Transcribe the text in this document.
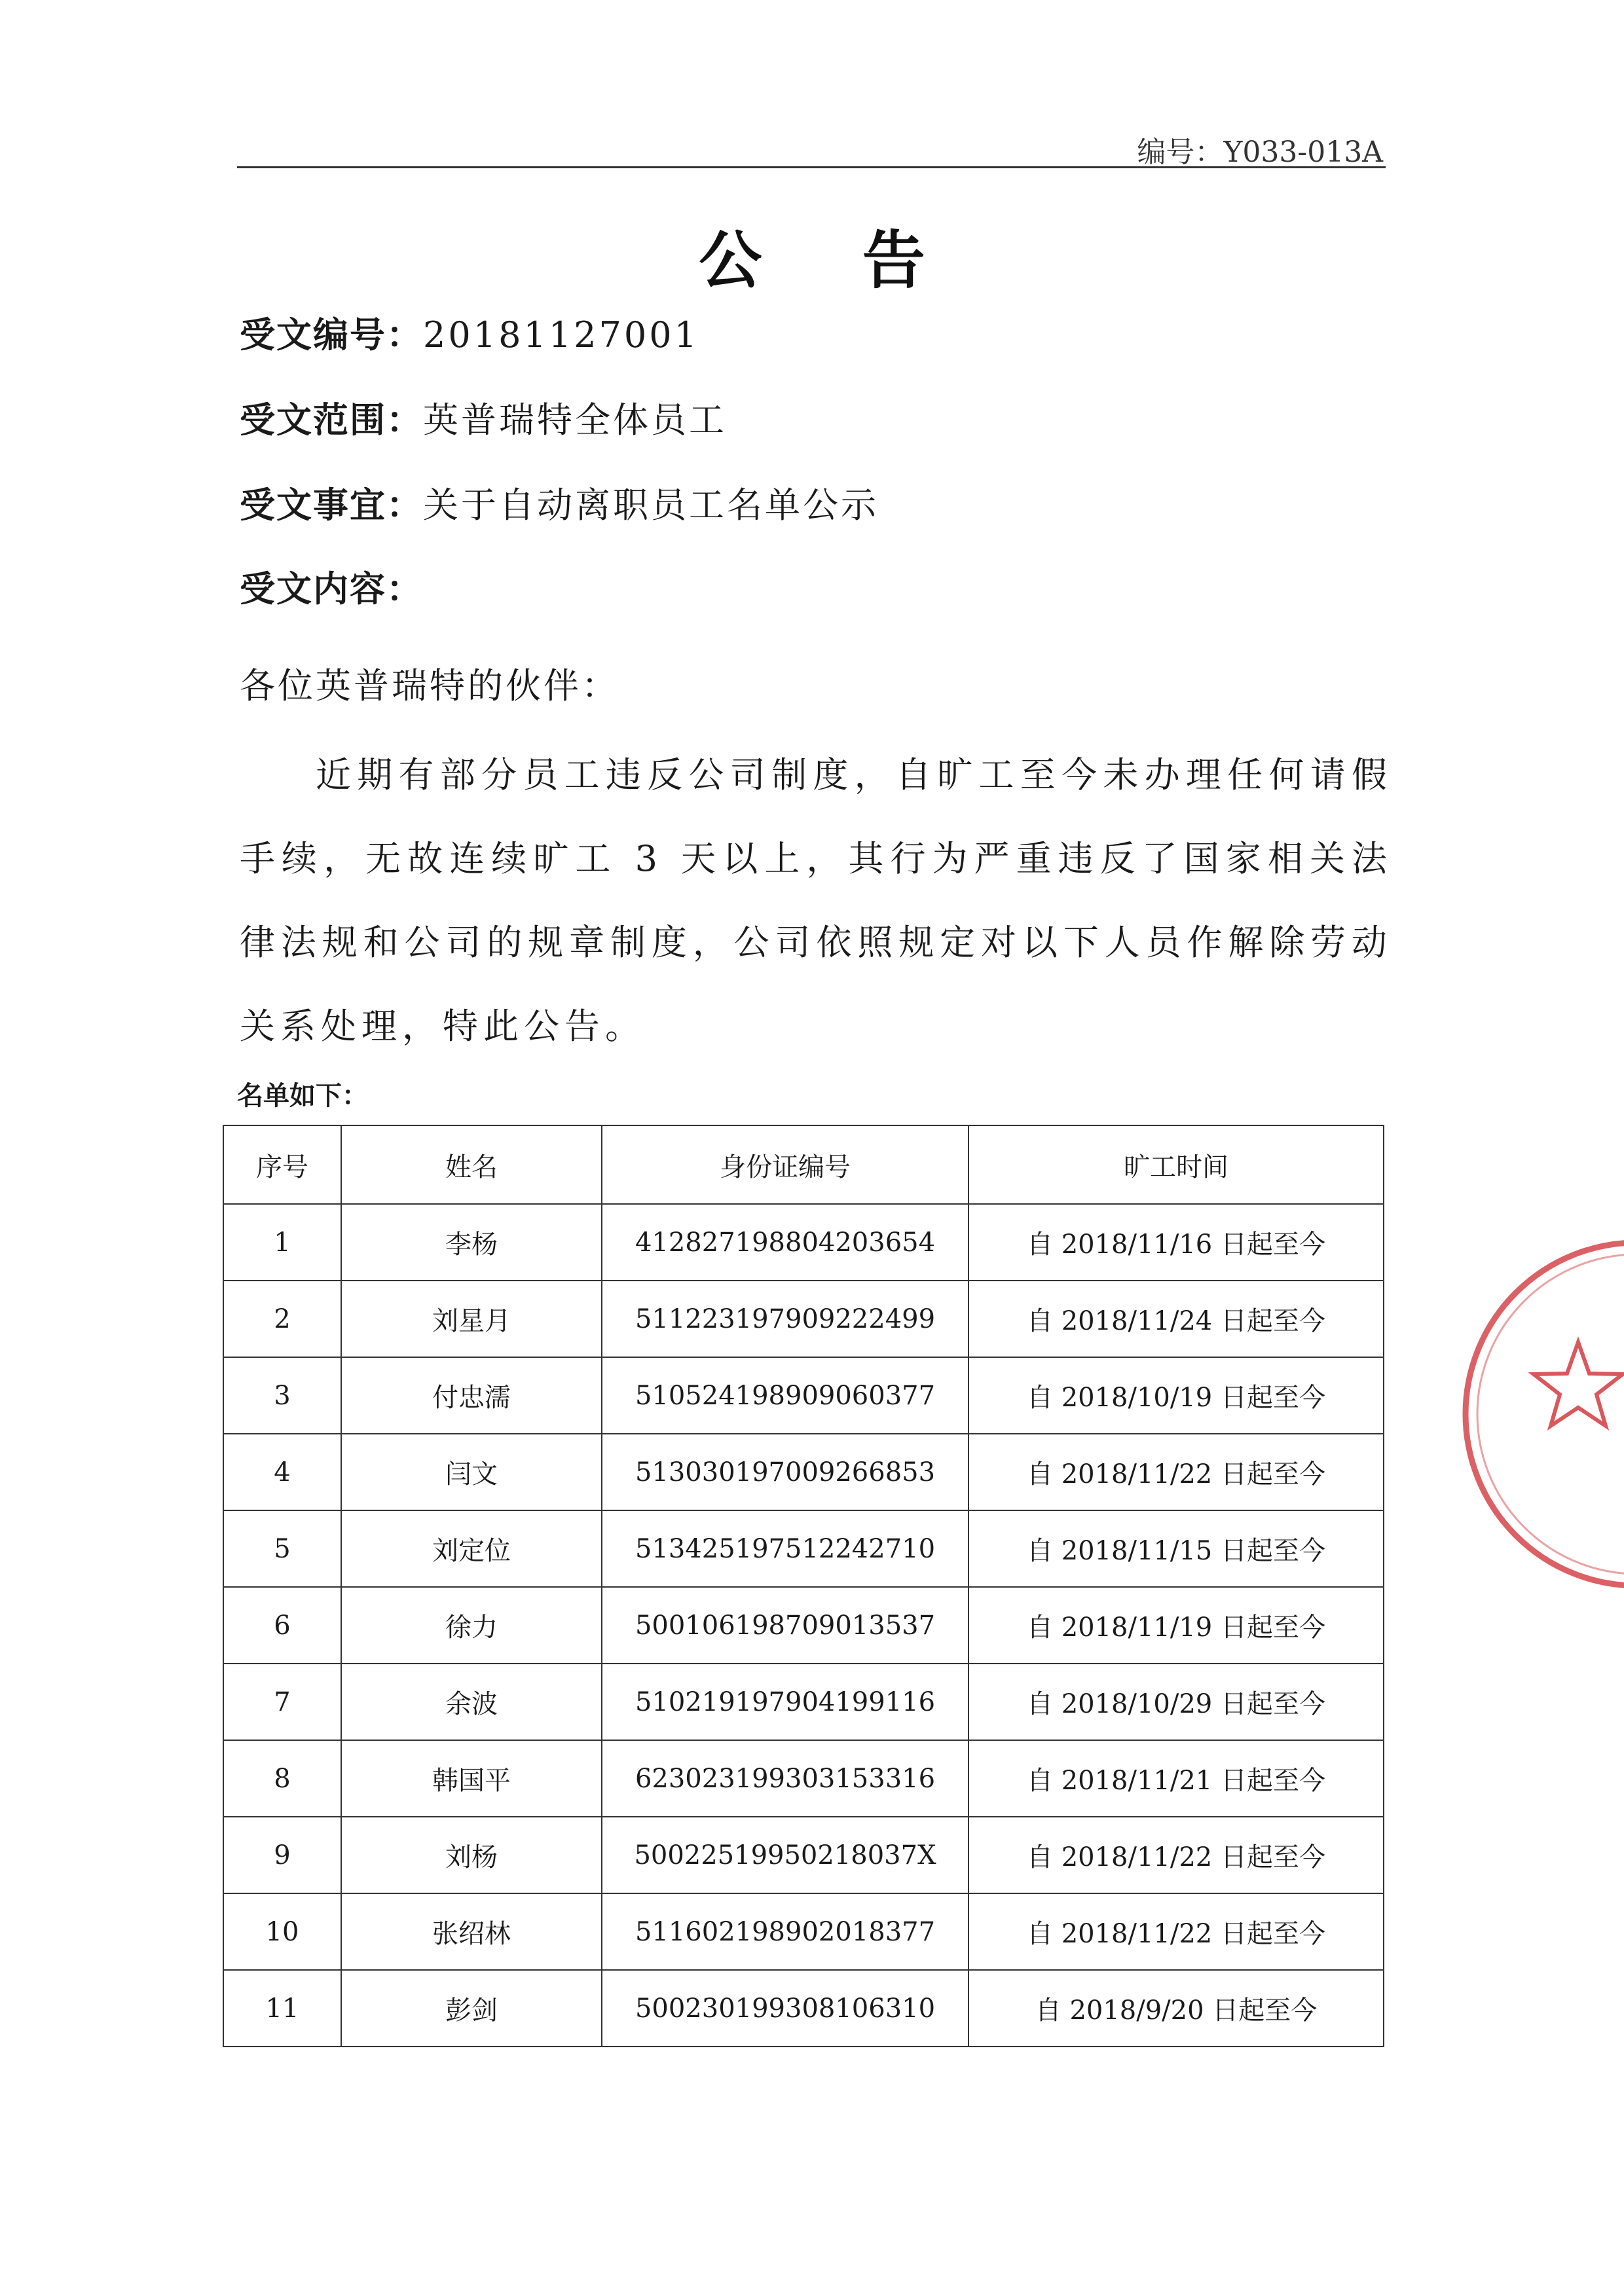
编号：Y033-013A
公 告
受文编号：20181127001
受文范围：英普瑞特全体员工
受文事宜：关于自动离职员工名单公示
受文内容：
各位英普瑞特的伙伴：

近期有部分员工违反公司制度，自旷工至今未办理任何请假手续，无故连续旷工 3 天以上，其行为严重违反了国家相关法律法规和公司的规章制度，公司依照规定对以下人员作解除劳动关系处理，特此公告。

名单如下：
序号	姓名	身份证编号	旷工时间
1	李杨	412827198804203654	自 2018/11/16 日起至今
2	刘星月	511223197909222499	自 2018/11/24 日起至今
3	付忠濡	510524198909060377	自 2018/10/19 日起至今
4	闫文	513030197009266853	自 2018/11/22 日起至今
5	刘定位	513425197512242710	自 2018/11/15 日起至今
6	徐力	500106198709013537	自 2018/11/19 日起至今
7	余波	510219197904199116	自 2018/10/29 日起至今
8	韩国平	623023199303153316	自 2018/11/21 日起至今
9	刘杨	50022519950218037X	自 2018/11/22 日起至今
10	张绍林	511602198902018377	自 2018/11/22 日起至今
11	彭剑	500230199308106310	自 2018/9/20 日起至今
